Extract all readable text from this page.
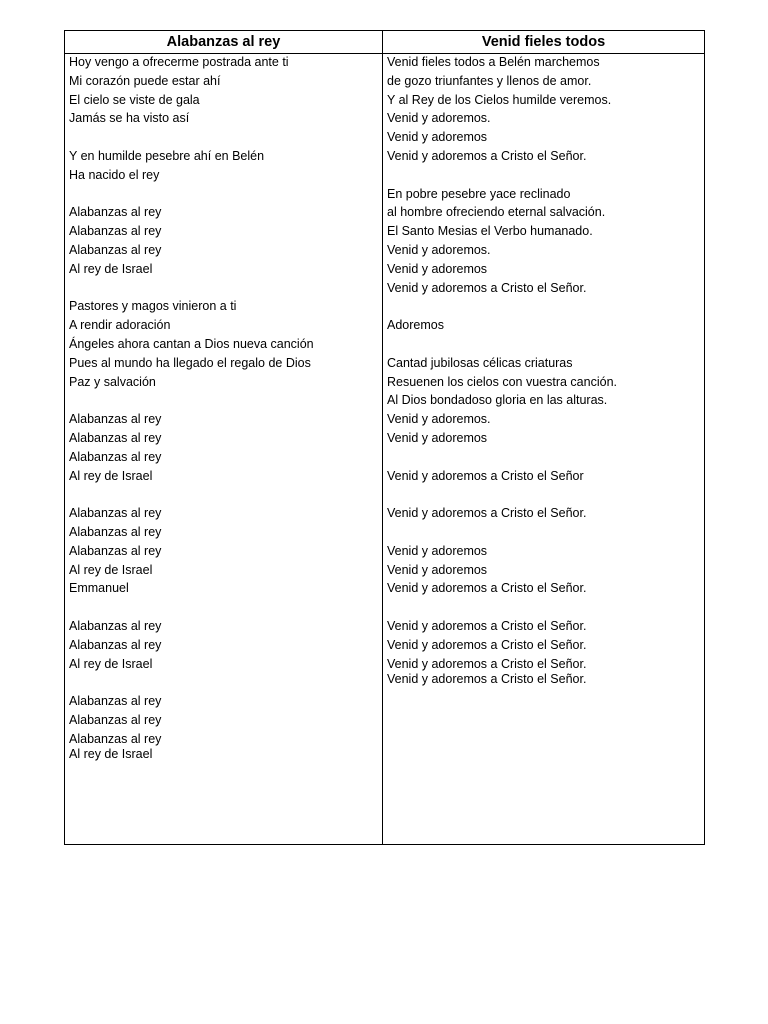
Alabanzas al rey
Hoy vengo a ofrecerme postrada ante ti
Mi corazón puede estar ahí
El cielo se viste de gala
Jamás se ha visto así
Y en humilde pesebre ahí en Belén
Ha nacido el rey
Alabanzas al rey
Alabanzas al rey
Alabanzas al rey
Al rey de Israel
Pastores y magos vinieron a ti
A rendir adoración
Ángeles ahora cantan a Dios nueva canción
Pues al mundo ha llegado el regalo de Dios
Paz y salvación
Alabanzas al rey
Alabanzas al rey
Alabanzas al rey
Al rey de Israel
Alabanzas al rey
Alabanzas al rey
Alabanzas al rey
Al rey de Israel
Emmanuel
Alabanzas al rey
Alabanzas al rey
Al rey de Israel
Alabanzas al rey
Alabanzas al rey
Alabanzas al rey
Al rey de Israel
Venid fieles todos
Venid fieles todos a Belén marchemos
de gozo triunfantes y llenos de amor.
Y al Rey de los Cielos humilde veremos.
Venid y adoremos.
Venid y adoremos
Venid y adoremos a Cristo el Señor.
En pobre pesebre yace reclinado
al hombre ofreciendo eternal salvación.
El Santo Mesias el Verbo humanado.
Venid y adoremos.
Venid y adoremos
Venid y adoremos a Cristo el Señor.
Adoremos
Cantad jubilosas célicas criaturas
Resuenen los cielos con vuestra canción.
Al Dios bondadoso gloria en las alturas.
Venid y adoremos.
Venid y adoremos
Venid y adoremos a Cristo el Señor
Venid y adoremos a Cristo el Señor.
Venid y adoremos
Venid y adoremos
Venid y adoremos a Cristo el Señor.
Venid y adoremos a Cristo el Señor.
Venid y adoremos a Cristo el Señor.
Venid y adoremos a Cristo el Señor.
Venid y adoremos a Cristo el Señor.
